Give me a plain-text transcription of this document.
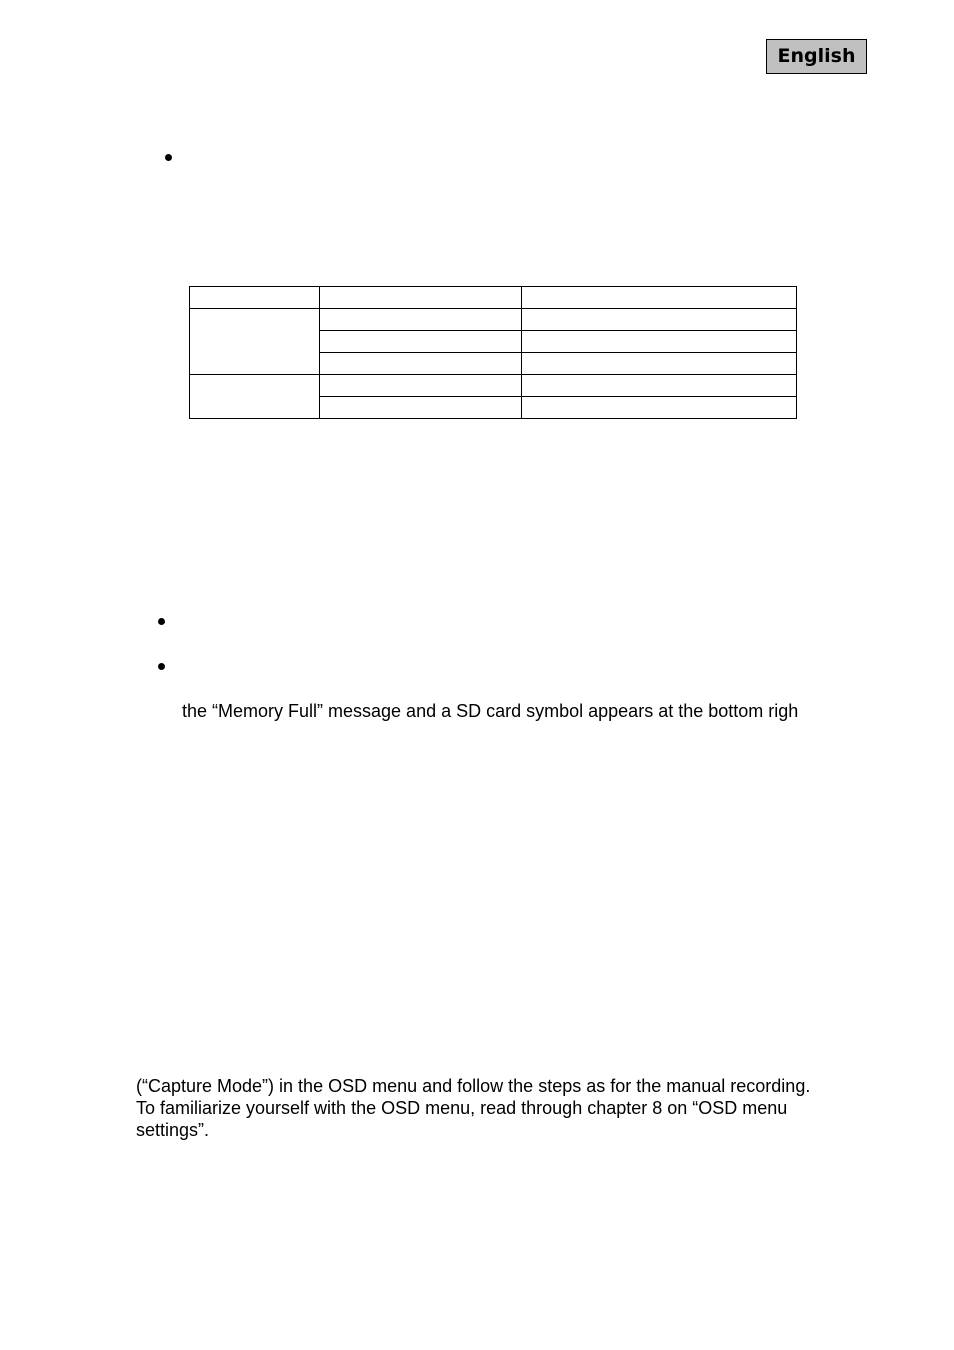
English

the “Memory Full” message and a SD card symbol appears at the bottom righ
(“Capture Mode”) in the OSD menu and follow the steps as for the manual recording.
To familiarize yourself with the OSD menu, read through chapter 8 on “OSD menu
settings”.
